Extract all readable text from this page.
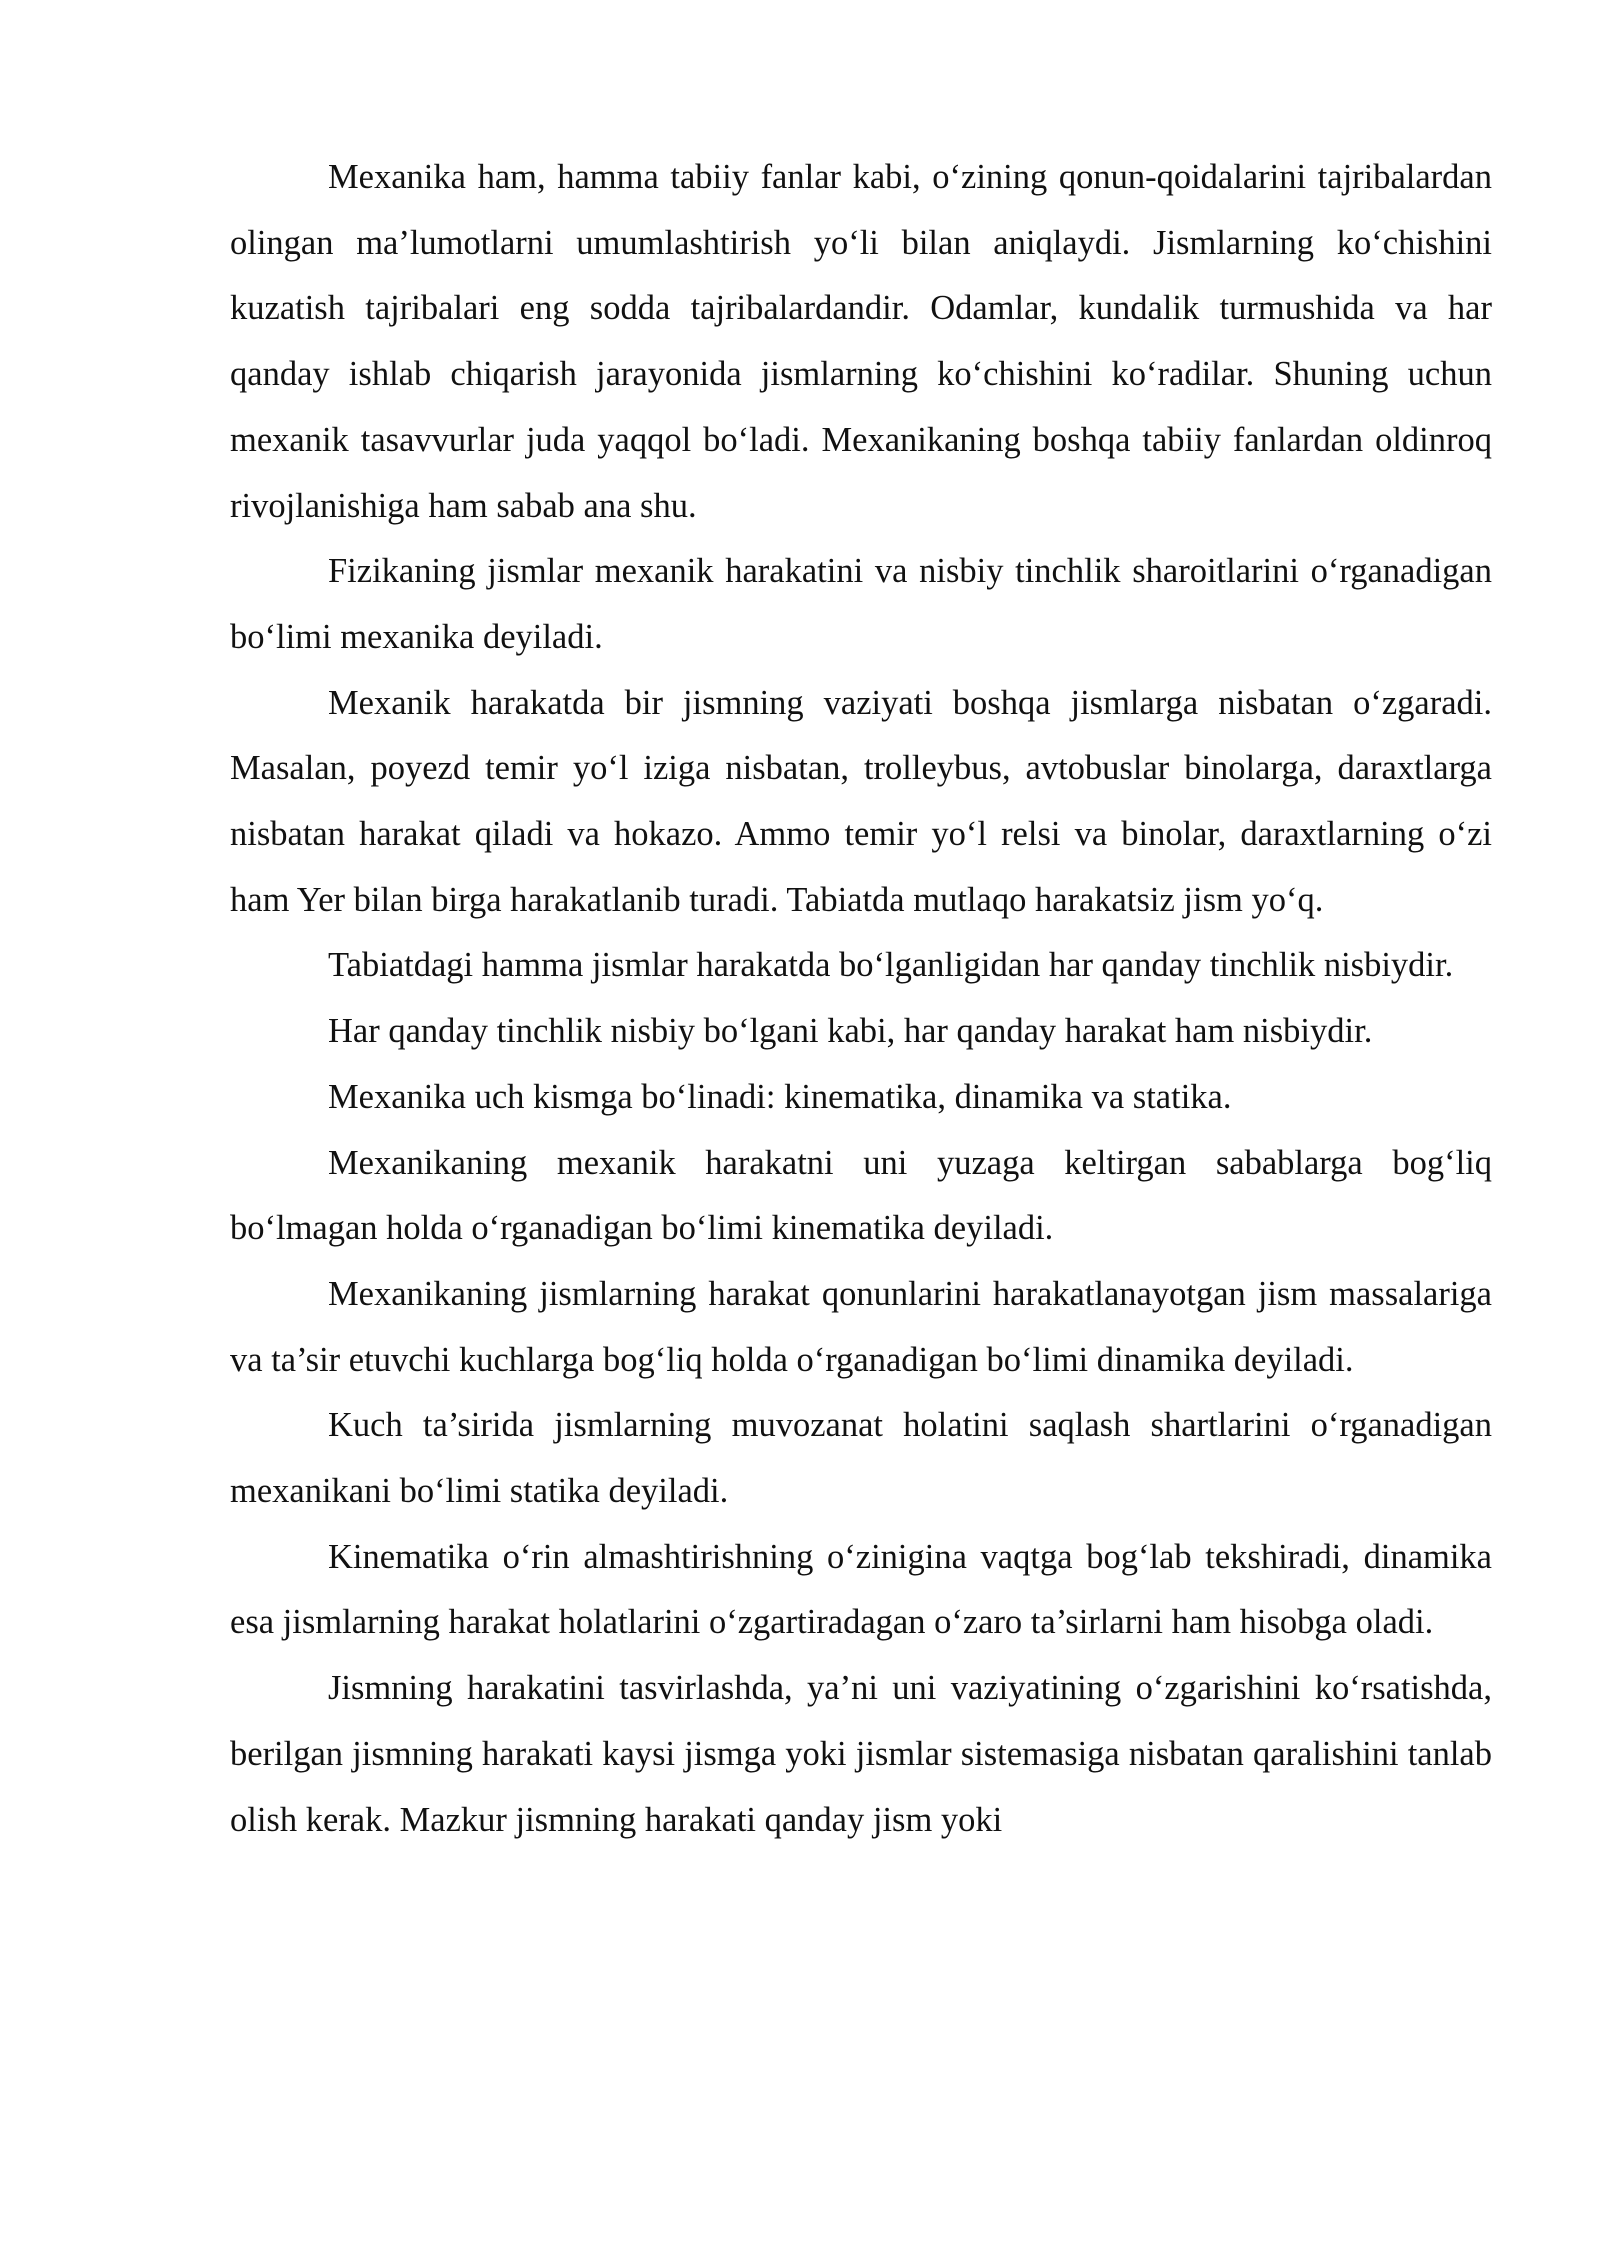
Mexanika ham, hamma tabiiy fanlar kabi, o‘zining qonun-qoidalarini tajribalardan olingan ma’lumotlarni umumlashtirish yo‘li bilan aniqlaydi. Jismlarning ko‘chishini kuzatish tajribalari eng sodda tajribalardandir. Odamlar, kundalik turmushida va har qanday ishlab chiqarish jarayonida jismlarning ko‘chishini ko‘radilar. Shuning uchun mexanik tasavvurlar juda yaqqol bo‘ladi. Mexanikaning boshqa tabiiy fanlardan oldinroq rivojlanishiga ham sabab ana shu.

Fizikaning jismlar mexanik harakatini va nisbiy tinchlik sharoitlarini o‘rganadigan bo‘limi mexanika deyiladi.

Mexanik harakatda bir jismning vaziyati boshqa jismlarga nisbatan o‘zgaradi. Masalan, poyezd temir yo‘l iziga nisbatan, trolleybus, avtobuslar binolarga, daraxtlarga nisbatan harakat qiladi va hokazo. Ammo temir yo‘l relsi va binolar, daraxtlarning o‘zi ham Yer bilan birga harakatlanib turadi. Tabiatda mutlaqo harakatsiz jism yo‘q.

Tabiatdagi hamma jismlar harakatda bo‘lganligidan har qanday tinchlik nisbiydir.

Har qanday tinchlik nisbiy bo‘lgani kabi, har qanday harakat ham nisbiydir.

Mexanika uch kismga bo‘linadi: kinematika, dinamika va statika.

Mexanikaning mexanik harakatni uni yuzaga keltirgan sabablarga bog‘liq bo‘lmagan holda o‘rganadigan bo‘limi kinematika deyiladi.

Mexanikaning jismlarning harakat qonunlarini harakatlanayotgan jism massalariga va ta’sir etuvchi kuchlarga bog‘liq holda o‘rganadigan bo‘limi dinamika deyiladi.

Kuch ta’sirida jismlarning muvozanat holatini saqlash shartlarini o‘rganadigan mexanikani bo‘limi statika deyiladi.

Kinematika o‘rin almashtirishning o‘zinigina vaqtga bog‘lab tekshiradi, dinamika esa jismlarning harakat holatlarini o‘zgartiradagan o‘zaro ta’sirlarni ham hisobga oladi.

Jismning harakatini tasvirlashda, ya’ni uni vaziyatining o‘zgarishini ko‘rsatishda, berilgan jismning harakati kaysi jismga yoki jismlar sistemasiga nisbatan qaralishini tanlab olish kerak. Mazkur jismning harakati qanday jism yoki
